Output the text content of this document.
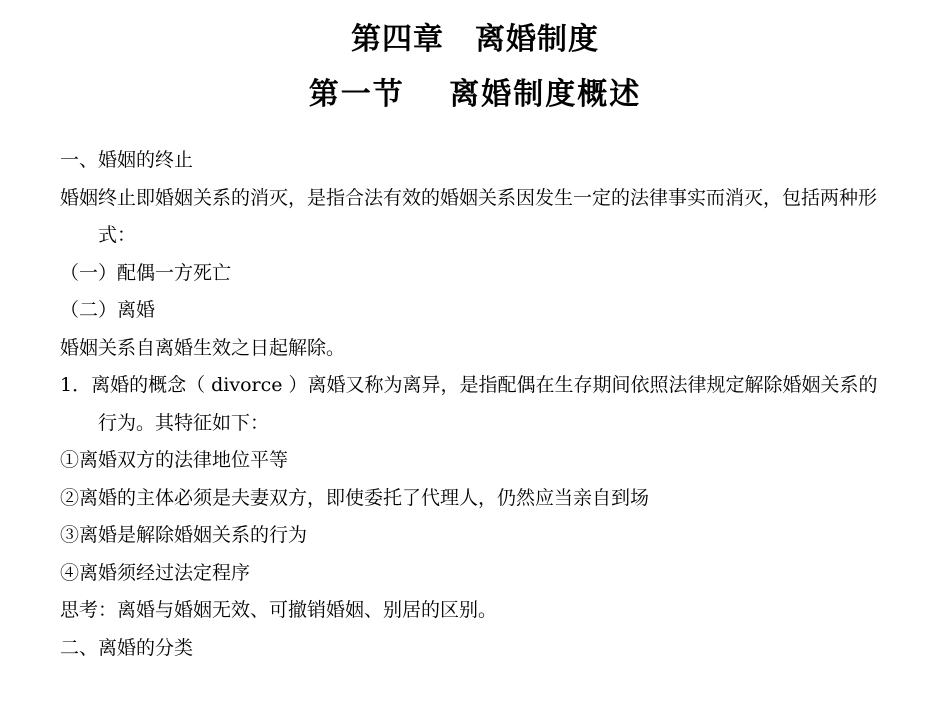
第四章　离婚制度
第一节　 离婚制度概述

一、婚姻的终止

婚姻终止即婚姻关系的消灭，是指合法有效的婚姻关系因发生一定的法律事实而消灭，包括两种形式：

（一）配偶一方死亡

（二）离婚

婚姻关系自离婚生效之日起解除。

1．离婚的概念（ divorce ）离婚又称为离异，是指配偶在生存期间依照法律规定解除婚姻关系的行为。其特征如下：

①离婚双方的法律地位平等

②离婚的主体必须是夫妻双方，即使委托了代理人，仍然应当亲自到场

③离婚是解除婚姻关系的行为

④离婚须经过法定程序

思考：离婚与婚姻无效、可撤销婚姻、别居的区别。

二、离婚的分类
